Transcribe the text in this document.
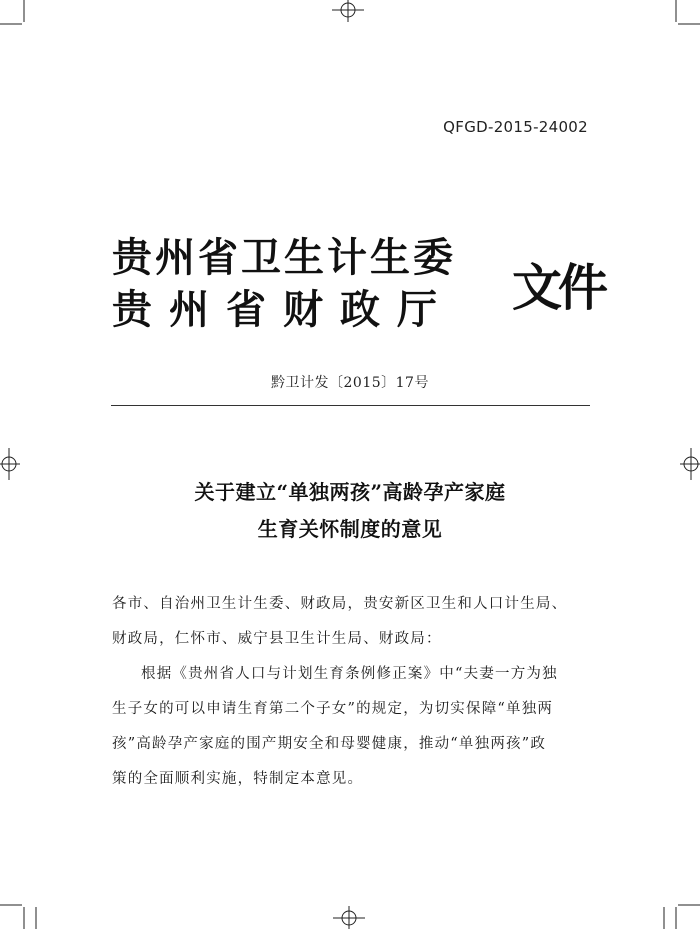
QFGD-2015-24002
贵州省卫生计生委
贵州省财政厅	文件
黔卫计发〔2015〕17号
关于建立“单独两孩”高龄孕产家庭
生育关怀制度的意见
各市、自治州卫生计生委、财政局，贵安新区卫生和人口计生局、
财政局，仁怀市、威宁县卫生计生局、财政局：
根据《贵州省人口与计划生育条例修正案》中“夫妻一方为独
生子女的可以申请生育第二个子女”的规定，为切实保障“单独两
孩”高龄孕产家庭的围产期安全和母婴健康，推动“单独两孩”政
策的全面顺利实施，特制定本意见。
